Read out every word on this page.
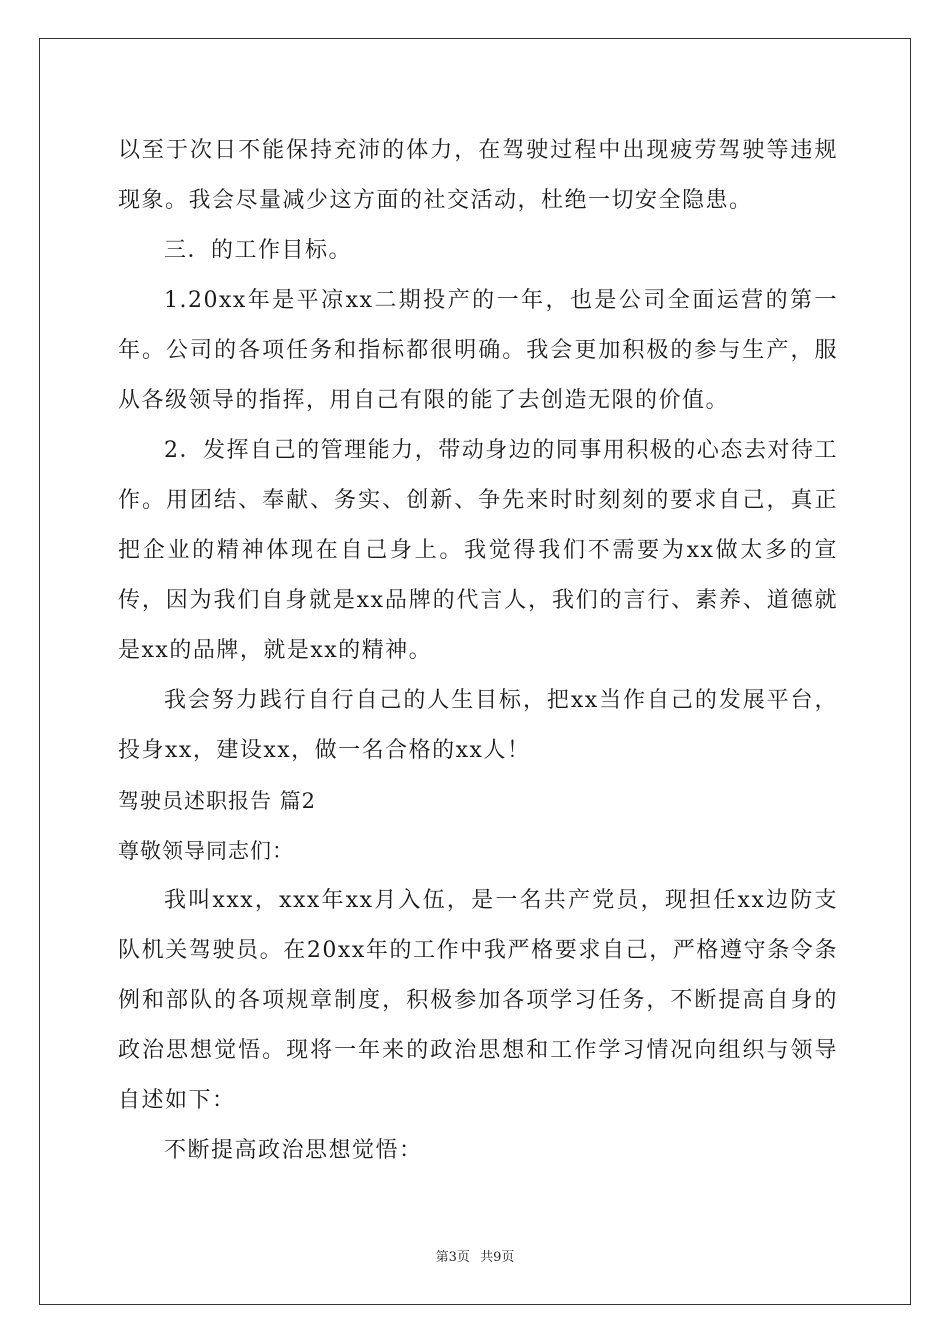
以至于次日不能保持充沛的体力，在驾驶过程中出现疲劳驾驶等违规现象。我会尽量减少这方面的社交活动，杜绝一切安全隐患。

三．的工作目标。

1.20xx年是平凉xx二期投产的一年，也是公司全面运营的第一年。公司的各项任务和指标都很明确。我会更加积极的参与生产，服从各级领导的指挥，用自己有限的能了去创造无限的价值。

2．发挥自己的管理能力，带动身边的同事用积极的心态去对待工作。用团结、奉献、务实、创新、争先来时时刻刻的要求自己，真正把企业的精神体现在自己身上。我觉得我们不需要为xx做太多的宣传，因为我们自身就是xx品牌的代言人，我们的言行、素养、道德就是xx的品牌，就是xx的精神。

我会努力践行自行自己的人生目标，把xx当作自己的发展平台，投身xx，建设xx，做一名合格的xx人！

驾驶员述职报告 篇2

尊敬领导同志们：

我叫xxx，xxx年xx月入伍，是一名共产党员，现担任xx边防支队机关驾驶员。在20xx年的工作中我严格要求自己，严格遵守条令条例和部队的各项规章制度，积极参加各项学习任务，不断提高自身的政治思想觉悟。现将一年来的政治思想和工作学习情况向组织与领导自述如下：

不断提高政治思想觉悟：

第3页 共9页
